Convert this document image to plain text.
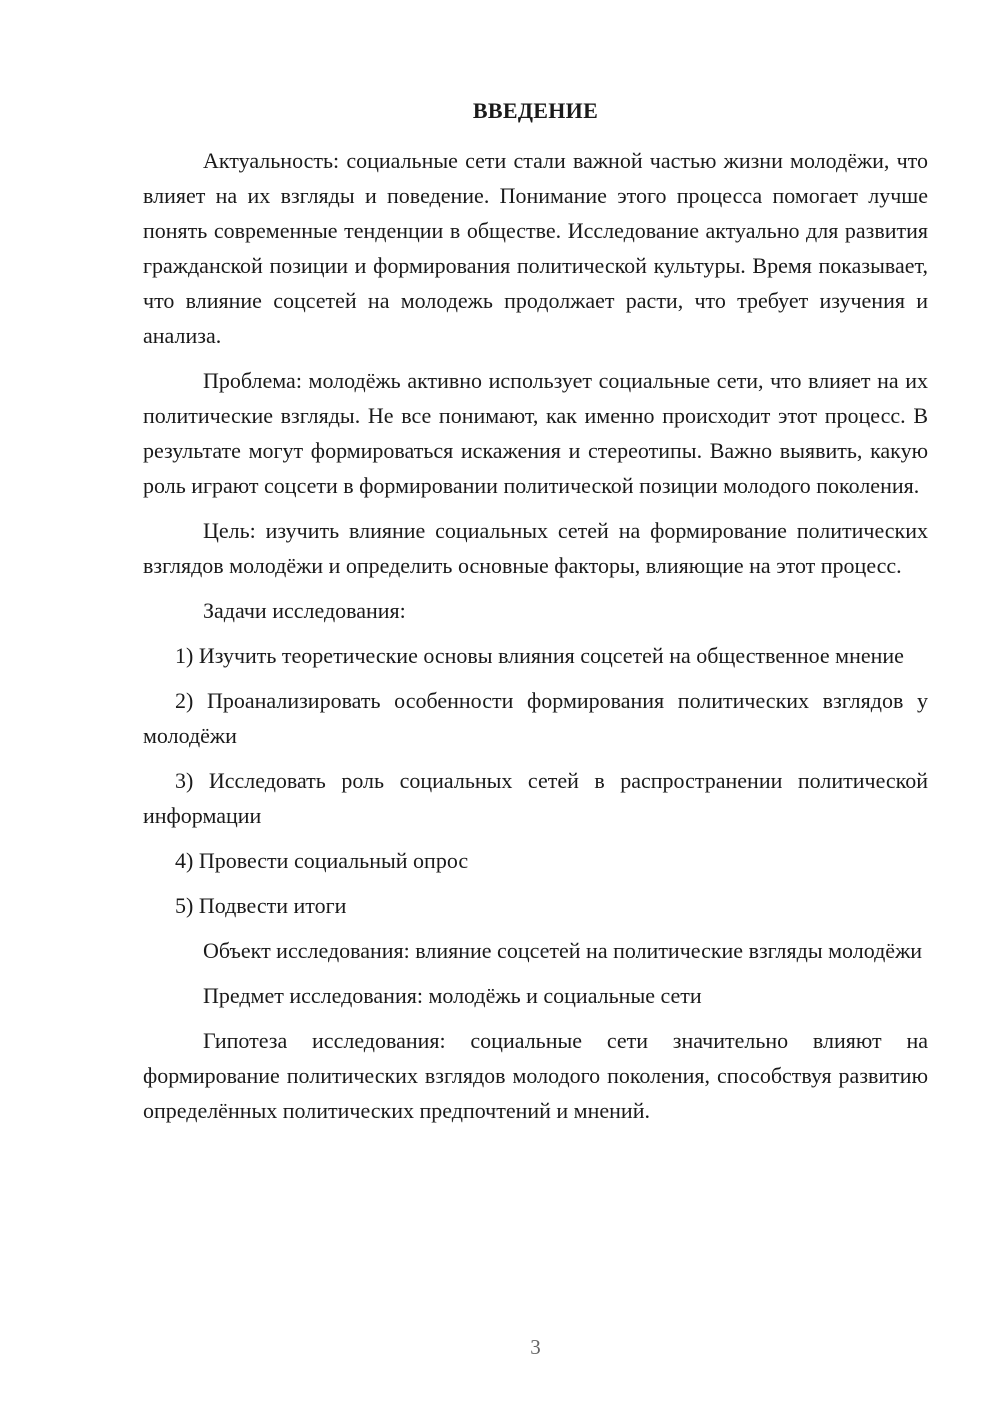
ВВЕДЕНИЕ

Актуальность: социальные сети стали важной частью жизни молодёжи, что влияет на их взгляды и поведение. Понимание этого процесса помогает лучше понять современные тенденции в обществе. Исследование актуально для развития гражданской позиции и формирования политической культуры. Время показывает, что влияние соцсетей на молодежь продолжает расти, что требует изучения и анализа.

Проблема: молодёжь активно использует социальные сети, что влияет на их политические взгляды. Не все понимают, как именно происходит этот процесс. В результате могут формироваться искажения и стереотипы. Важно выявить, какую роль играют соцсети в формировании политической позиции молодого поколения.

Цель: изучить влияние социальных сетей на формирование политических взглядов молодёжи и определить основные факторы, влияющие на этот процесс.

Задачи исследования:

1) Изучить теоретические основы влияния соцсетей на общественное мнение

2) Проанализировать особенности формирования политических взглядов у молодёжи

3) Исследовать роль социальных сетей в распространении политической информации

4) Провести социальный опрос

5) Подвести итоги

Объект исследования: влияние соцсетей на политические взгляды молодёжи

Предмет исследования: молодёжь и социальные сети

Гипотеза исследования: социальные сети значительно влияют на формирование политических взглядов молодого поколения, способствуя развитию определённых политических предпочтений и мнений.

3
